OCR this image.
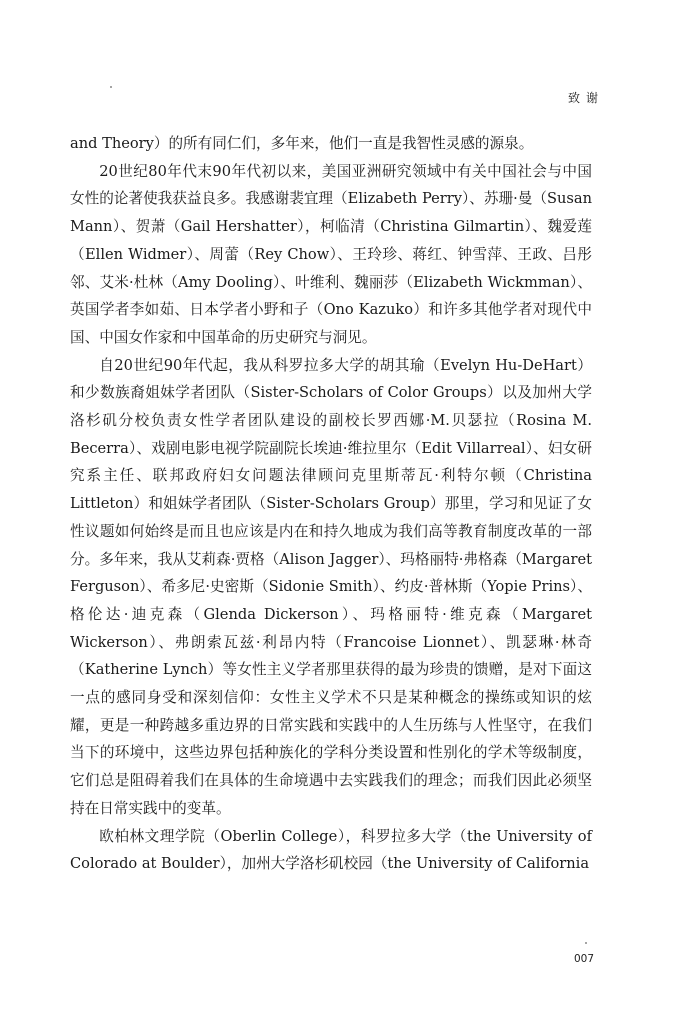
致谢

and Theory）的所有同仁们，多年来，他们一直是我智性灵感的源泉。

20世纪80年代末90年代初以来，美国亚洲研究领域中有关中国社会与中国女性的论著使我获益良多。我感谢裴宜理（Elizabeth Perry）、苏珊·曼（Susan Mann）、贺萧（Gail Hershatter），柯临清（Christina Gilmartin）、魏爱莲（Ellen Widmer）、周蕾（Rey Chow）、王玲珍、蒋红、钟雪萍、王政、吕彤邻、艾米·杜林（Amy Dooling）、叶维利、魏丽莎（Elizabeth Wickmman）、英国学者李如茹、日本学者小野和子（Ono Kazuko）和许多其他学者对现代中国、中国女作家和中国革命的历史研究与洞见。

自20世纪90年代起，我从科罗拉多大学的胡其瑜（Evelyn Hu-DeHart）和少数族裔姐妹学者团队（Sister-Scholars of Color Groups）以及加州大学洛杉矶分校负责女性学者团队建设的副校长罗西娜·M.贝瑟拉（Rosina M. Becerra）、戏剧电影电视学院副院长埃迪·维拉里尔（Edit Villarreal）、妇女研究系主任、联邦政府妇女问题法律顾问克里斯蒂瓦·利特尔顿（Christina Littleton）和姐妹学者团队（Sister-Scholars Group）那里，学习和见证了女性议题如何始终是而且也应该是内在和持久地成为我们高等教育制度改革的一部分。多年来，我从艾莉森·贾格（Alison Jagger）、玛格丽特·弗格森（Margaret Ferguson）、希多尼·史密斯（Sidonie Smith）、约皮·普林斯（Yopie Prins）、格伦达·迪克森（Glenda Dickerson）、玛格丽特·维克森（Margaret Wickerson）、弗朗索瓦兹·利昂内特（Francoise Lionnet）、凯瑟琳·林奇（Katherine Lynch）等女性主义学者那里获得的最为珍贵的馈赠，是对下面这一点的感同身受和深刻信仰：女性主义学术不只是某种概念的操练或知识的炫耀，更是一种跨越多重边界的日常实践和实践中的人生历练与人性坚守，在我们当下的环境中，这些边界包括种族化的学科分类设置和性别化的学术等级制度，它们总是阻碍着我们在具体的生命境遇中去实践我们的理念；而我们因此必须坚持在日常实践中的变革。

欧柏林文理学院（Oberlin College），科罗拉多大学（the University of Colorado at Boulder），加州大学洛杉矶校园（the University of California

007
